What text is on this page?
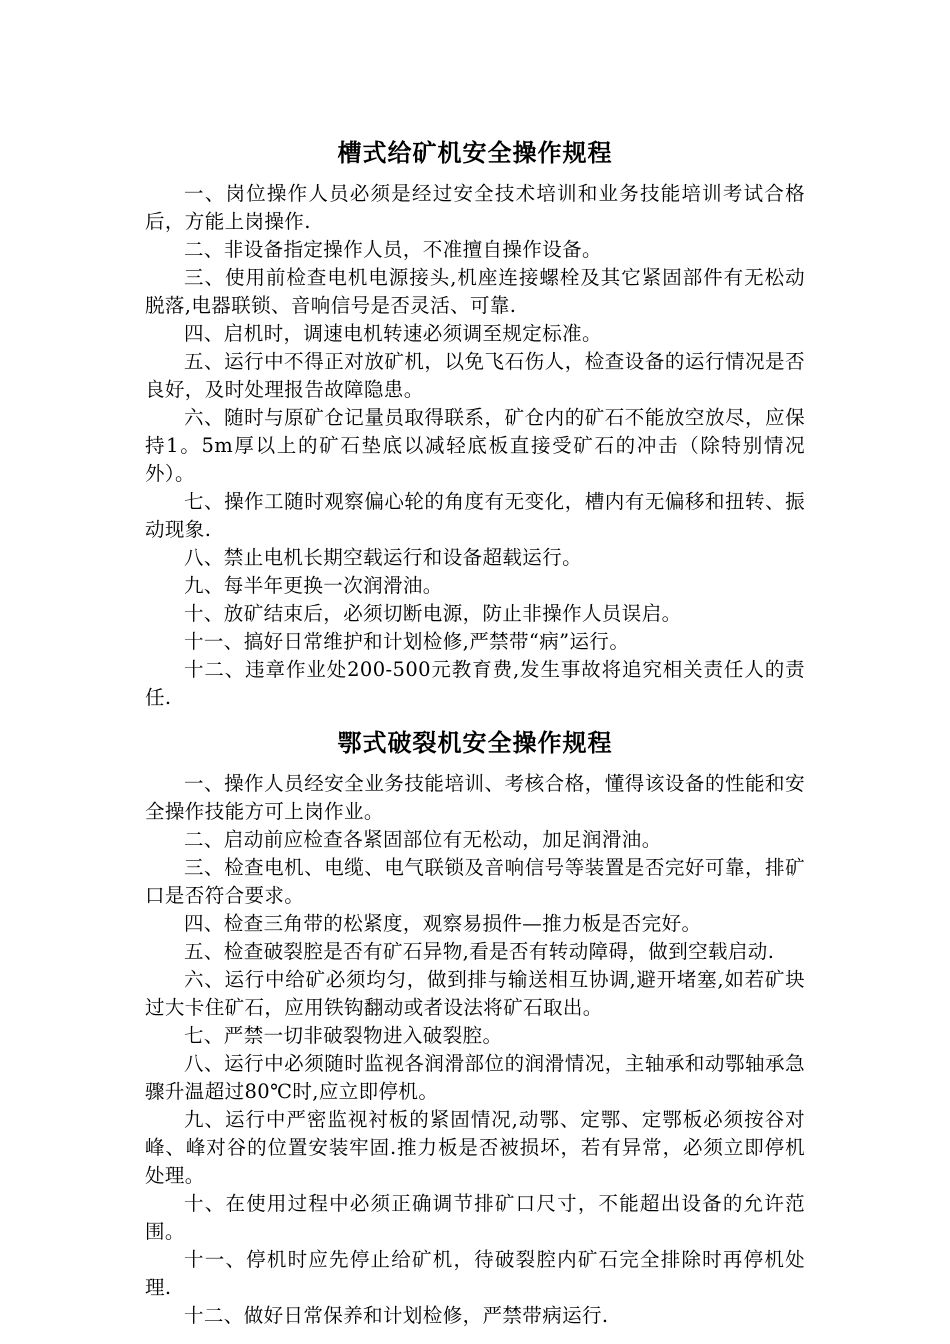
槽式给矿机安全操作规程

一、岗位操作人员必须是经过安全技术培训和业务技能培训考试合格后，方能上岗操作.

二、非设备指定操作人员，不准擅自操作设备。

三、使用前检查电机电源接头,机座连接螺栓及其它紧固部件有无松动脱落,电器联锁、音响信号是否灵活、可靠.

四、启机时，调速电机转速必须调至规定标准。

五、运行中不得正对放矿机，以免飞石伤人，检查设备的运行情况是否良好，及时处理报告故障隐患。

六、随时与原矿仓记量员取得联系，矿仓内的矿石不能放空放尽，应保持1。5m厚以上的矿石垫底以减轻底板直接受矿石的冲击（除特别情况外）。

七、操作工随时观察偏心轮的角度有无变化，槽内有无偏移和扭转、振动现象.

八、禁止电机长期空载运行和设备超载运行。

九、每半年更换一次润滑油。

十、放矿结束后，必须切断电源，防止非操作人员误启。

十一、搞好日常维护和计划检修,严禁带“病”运行。

十二、违章作业处200-500元教育费,发生事故将追究相关责任人的责任.

鄂式破裂机安全操作规程

一、操作人员经安全业务技能培训、考核合格，懂得该设备的性能和安全操作技能方可上岗作业。

二、启动前应检查各紧固部位有无松动，加足润滑油。

三、检查电机、电缆、电气联锁及音响信号等装置是否完好可靠，排矿口是否符合要求。

四、检查三角带的松紧度，观察易损件—推力板是否完好。

五、检查破裂腔是否有矿石异物,看是否有转动障碍，做到空载启动.

六、运行中给矿必须均匀，做到排与输送相互协调,避开堵塞,如若矿块过大卡住矿石，应用铁钩翻动或者设法将矿石取出。

七、严禁一切非破裂物进入破裂腔。

八、运行中必须随时监视各润滑部位的润滑情况，主轴承和动鄂轴承急骤升温超过80℃时,应立即停机。

九、运行中严密监视衬板的紧固情况,动鄂、定鄂、定鄂板必须按谷对峰、峰对谷的位置安装牢固.推力板是否被损坏，若有异常，必须立即停机处理。

十、在使用过程中必须正确调节排矿口尺寸，不能超出设备的允许范围。

十一、停机时应先停止给矿机，待破裂腔内矿石完全排除时再停机处理.

十二、做好日常保养和计划检修，严禁带病运行.
